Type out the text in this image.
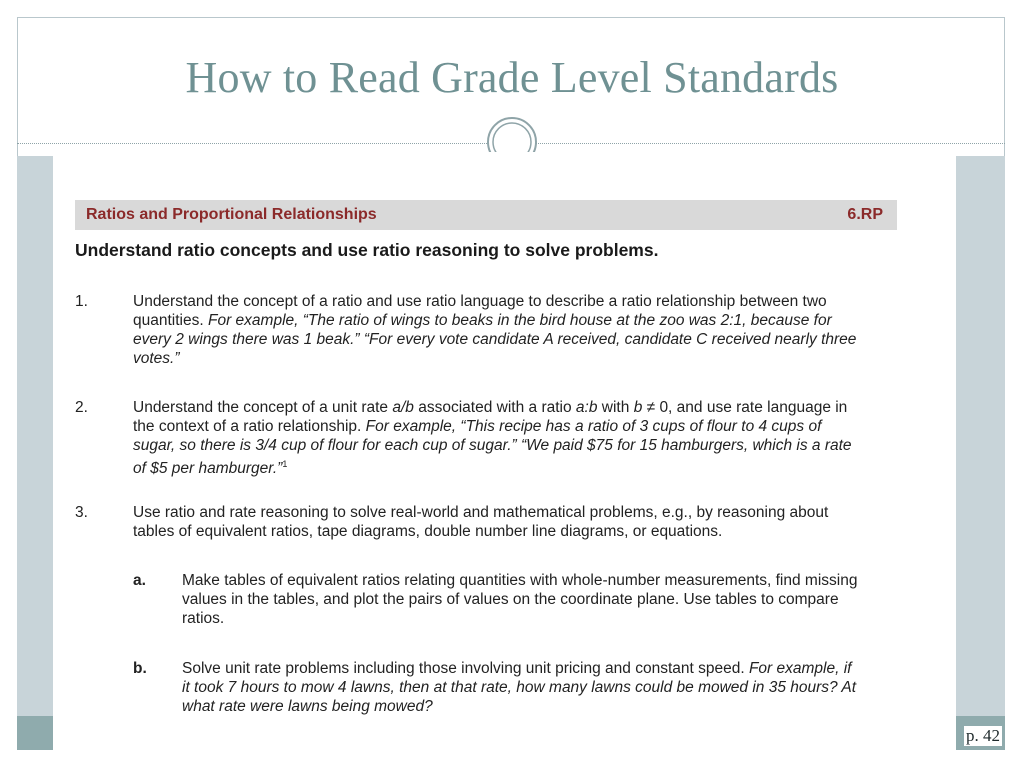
How to Read Grade Level Standards
Ratios and Proportional Relationships	6.RP
Understand ratio concepts and use ratio reasoning to solve problems.
1.	Understand the concept of a ratio and use ratio language to describe a ratio relationship between two quantities. For example, “The ratio of wings to beaks in the bird house at the zoo was 2:1, because for every 2 wings there was 1 beak.” “For every vote candidate A received, candidate C received nearly three votes.”
2.	Understand the concept of a unit rate a/b associated with a ratio a:b with b ≠ 0, and use rate language in the context of a ratio relationship. For example, “This recipe has a ratio of 3 cups of flour to 4 cups of sugar, so there is 3/4 cup of flour for each cup of sugar.” “We paid $75 for 15 hamburgers, which is a rate of $5 per hamburger.”$^1$
3.	Use ratio and rate reasoning to solve real-world and mathematical problems, e.g., by reasoning about tables of equivalent ratios, tape diagrams, double number line diagrams, or equations.
a.	Make tables of equivalent ratios relating quantities with whole-number measurements, find missing values in the tables, and plot the pairs of values on the coordinate plane. Use tables to compare ratios.
b.	Solve unit rate problems including those involving unit pricing and constant speed. For example, if it took 7 hours to mow 4 lawns, then at that rate, how many lawns could be mowed in 35 hours? At what rate were lawns being mowed?
p. 42
